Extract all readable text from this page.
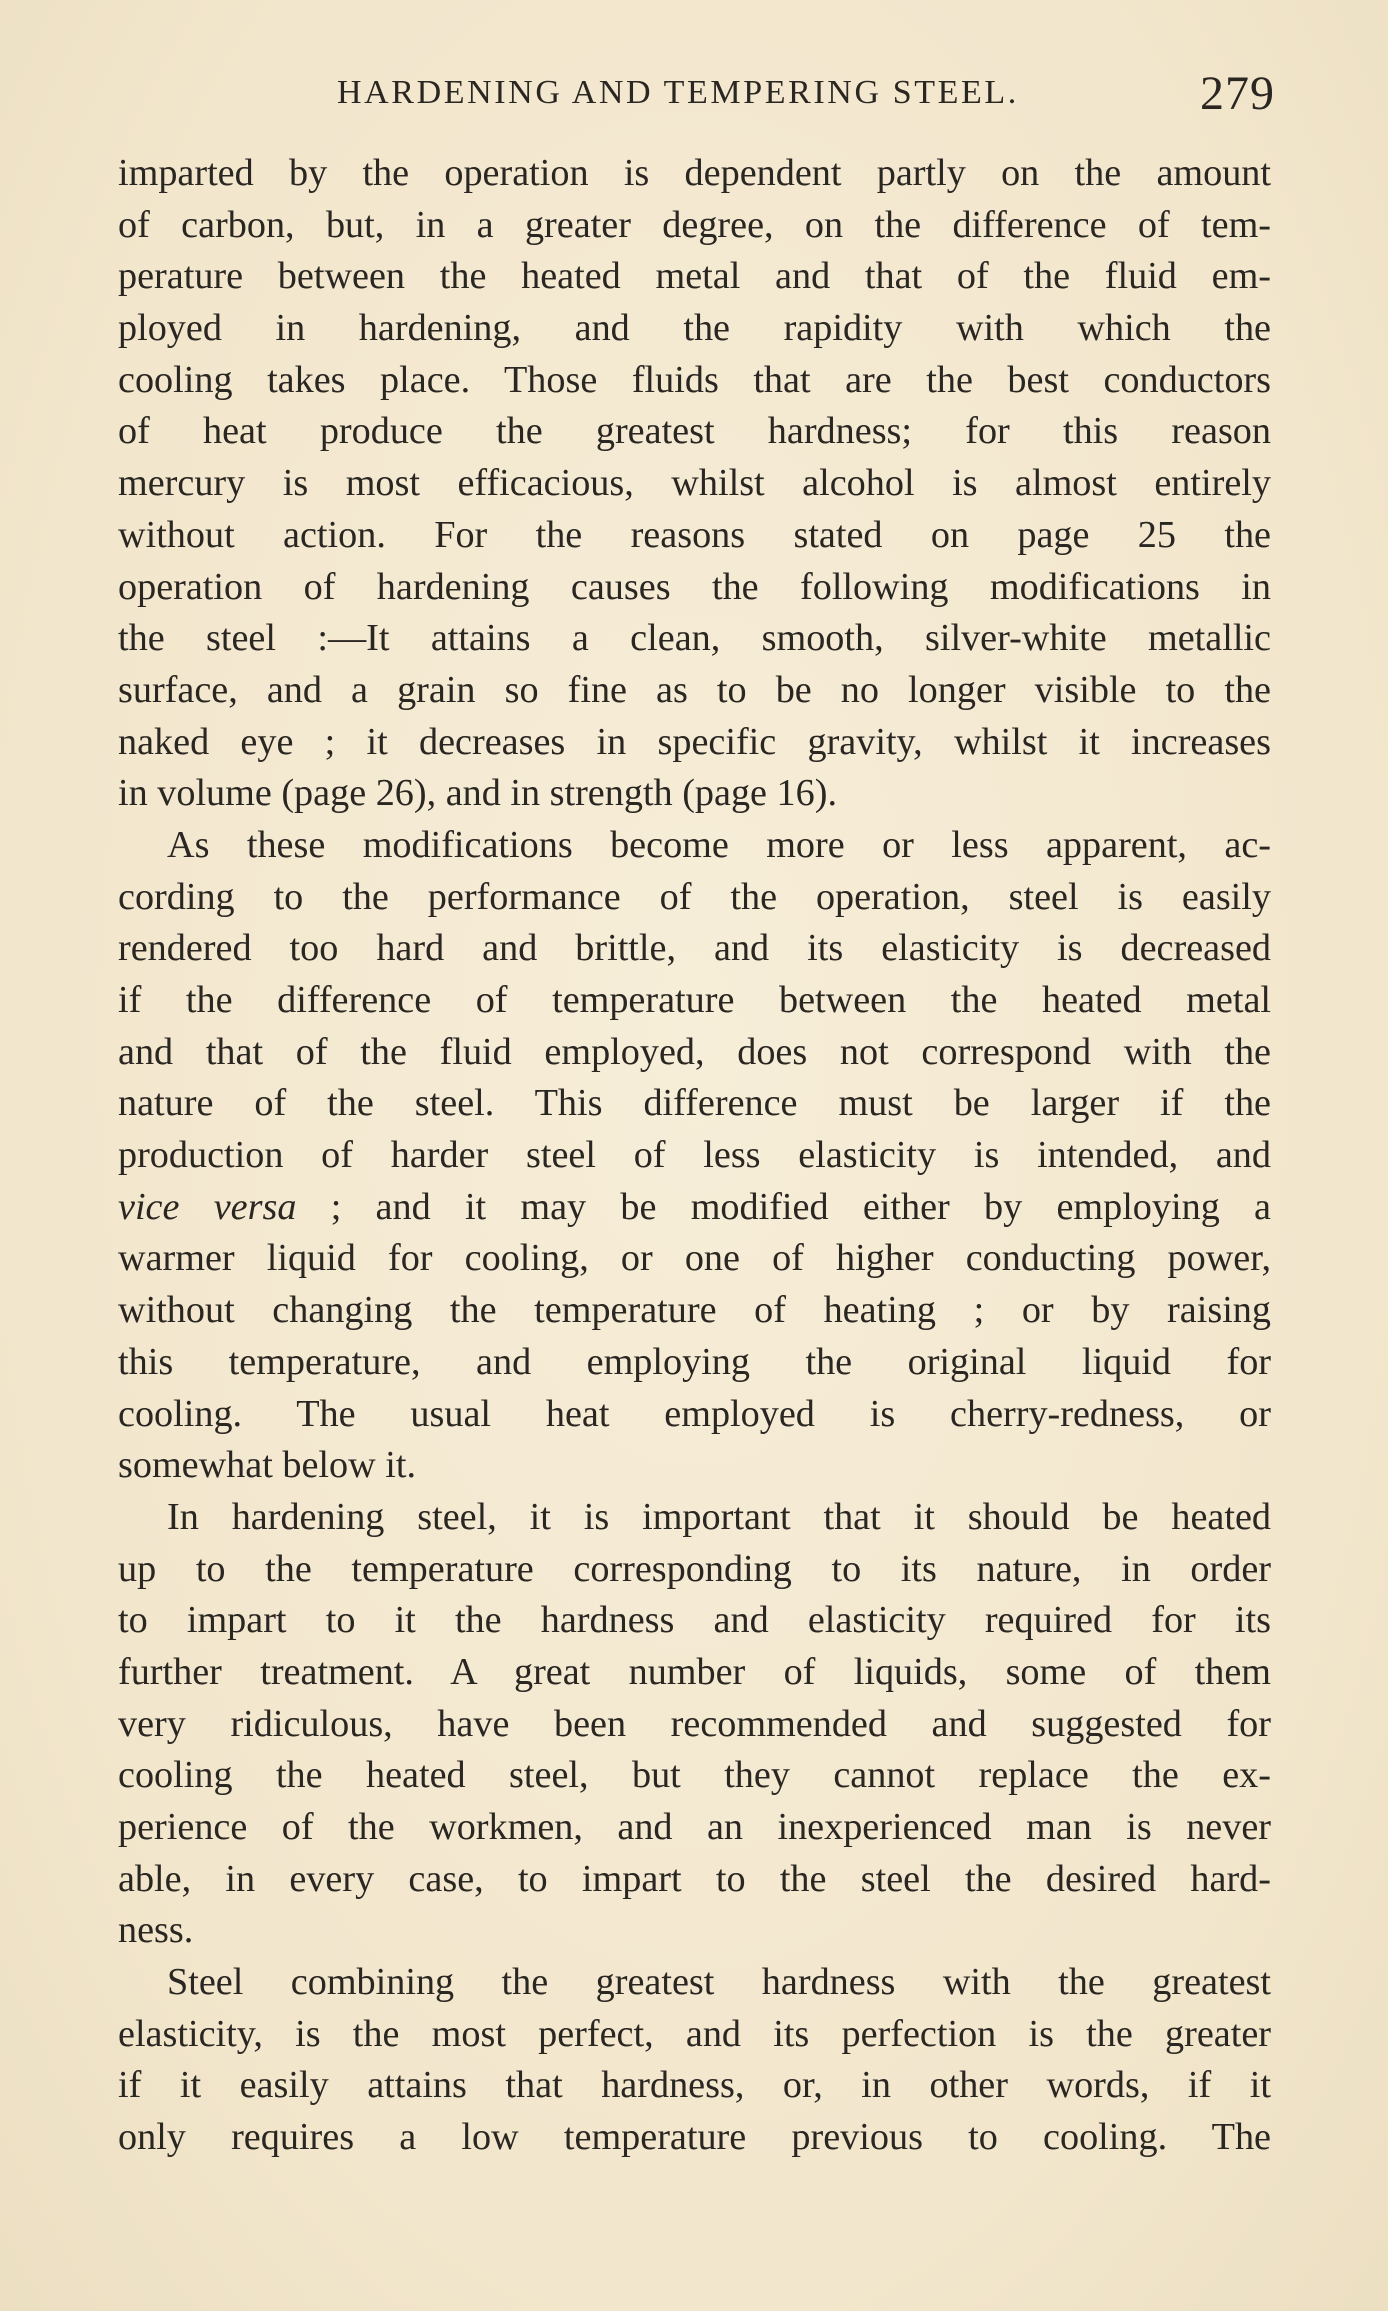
HARDENING AND TEMPERING STEEL.	279
imparted by the operation is dependent partly on the amount
of carbon, but, in a greater degree, on the difference of tem-
perature between the heated metal and that of the fluid em-
ployed in hardening, and the rapidity with which the
cooling takes place. Those fluids that are the best conductors
of heat produce the greatest hardness; for this reason
mercury is most efficacious, whilst alcohol is almost entirely
without action. For the reasons stated on page 25 the
operation of hardening causes the following modifications in
the steel :—It attains a clean, smooth, silver-white metallic
surface, and a grain so fine as to be no longer visible to the
naked eye ; it decreases in specific gravity, whilst it increases
in volume (page 26), and in strength (page 16).
As these modifications become more or less apparent, ac-
cording to the performance of the operation, steel is easily
rendered too hard and brittle, and its elasticity is decreased
if the difference of temperature between the heated metal
and that of the fluid employed, does not correspond with the
nature of the steel. This difference must be larger if the
production of harder steel of less elasticity is intended, and
vice versa ; and it may be modified either by employing a
warmer liquid for cooling, or one of higher conducting power,
without changing the temperature of heating ; or by raising
this temperature, and employing the original liquid for
cooling. The usual heat employed is cherry-redness, or
somewhat below it.
In hardening steel, it is important that it should be heated
up to the temperature corresponding to its nature, in order
to impart to it the hardness and elasticity required for its
further treatment. A great number of liquids, some of them
very ridiculous, have been recommended and suggested for
cooling the heated steel, but they cannot replace the ex-
perience of the workmen, and an inexperienced man is never
able, in every case, to impart to the steel the desired hard-
ness.
Steel combining the greatest hardness with the greatest
elasticity, is the most perfect, and its perfection is the greater
if it easily attains that hardness, or, in other words, if it
only requires a low temperature previous to cooling. The
